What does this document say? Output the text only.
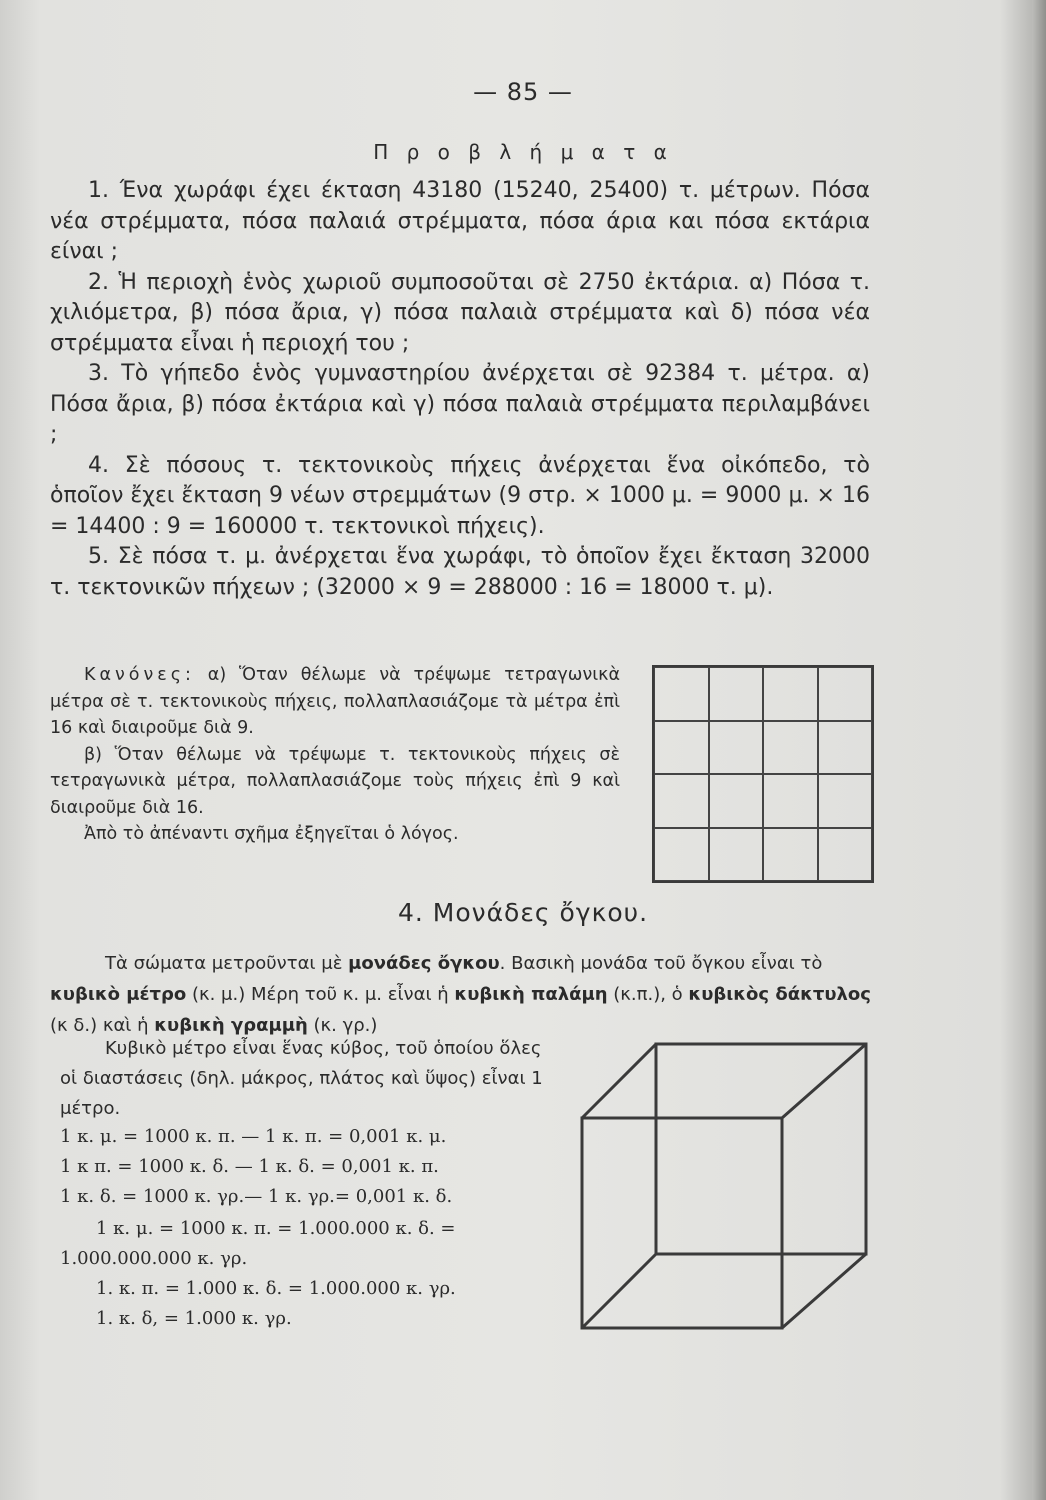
— 85 —
Π ρ ο β λ ή μ α τ α

1. Ένα χωράφι έχει έκταση 43180 (15240, 25400) τ. μέτρων. Πόσα νέα στρέμματα, πόσα παλαιά στρέμματα, πόσα άρια και πόσα εκτάρια είναι ;

2. Ἡ περιοχὴ ἑνὸς χωριοῦ συμποσοῦται σὲ 2750 ἐκτάρια. α) Πόσα τ. χιλιόμετρα, β) πόσα ἄρια, γ) πόσα παλαιὰ στρέμματα καὶ δ) πόσα νέα στρέμματα εἶναι ἡ περιοχή του ;

3. Τὸ γήπεδο ἑνὸς γυμναστηρίου ἀνέρχεται σὲ 92384 τ. μέτρα. α) Πόσα ἄρια, β) πόσα ἐκτάρια καὶ γ) πόσα παλαιὰ στρέμματα περιλαμβάνει ;

4. Σὲ πόσους τ. τεκτονικοὺς πήχεις ἀνέρχεται ἕνα οἰκόπεδο, τὸ ὁποῖον ἔχει ἔκταση 9 νέων στρεμμάτων (9 στρ. × 1000 μ. = 9000 μ. × 16 = 14400 : 9 = 160000 τ. τεκτονικοὶ πήχεις).

5. Σὲ πόσα τ. μ. ἀνέρχεται ἕνα χωράφι, τὸ ὁποῖον ἔχει ἔκταση 32000 τ. τεκτονικῶν πήχεων ; (32000 × 9 = 288000 : 16 = 18000 τ. μ).

Κανόνες: α) Ὅταν θέλωμε νὰ τρέψωμε τετραγωνικὰ μέτρα σὲ τ. τεκτονικοὺς πήχεις, πολλαπλασιάζομε τὰ μέτρα ἐπὶ 16 καὶ διαιροῦμε διὰ 9.

β) Ὅταν θέλωμε νὰ τρέψωμε τ. τεκτονικοὺς πήχεις σὲ τετραγωνικὰ μέτρα, πολλαπλασιάζομε τοὺς πήχεις ἐπὶ 9 καὶ διαιροῦμε διὰ 16.

Ἀπὸ τὸ ἀπέναντι σχῆμα ἐξηγεῖται ὁ λόγος.

4. Μονάδες ὄγκου.

Τὰ σώματα μετροῦνται μὲ μονάδες ὄγκου. Βασικὴ μονάδα τοῦ ὄγκου εἶναι τὸ κυβικὸ μέτρο (κ. μ.) Μέρη τοῦ κ. μ. εἶναι ἡ κυβικὴ παλάμη (κ.π.), ὁ κυβικὸς δάκτυλος (κ δ.) καὶ ἡ κυβικὴ γραμμὴ (κ. γρ.)

Κυβικὸ μέτρο εἶναι ἕνας κύβος, τοῦ ὁποίου ὅλες οἱ διαστάσεις (δηλ. μάκρος, πλάτος καὶ ὕψος) εἶναι 1 μέτρο.

1 κ. μ. = 1000 κ. π. — 1 κ. π. = 0,001 κ. μ.

1 κ π. = 1000 κ. δ. — 1 κ. δ. = 0,001 κ. π.

1 κ. δ. = 1000 κ. γρ.— 1 κ. γρ.= 0,001 κ. δ.

1 κ. μ. = 1000 κ. π. = 1.000.000 κ. δ. =

1.000.000.000 κ. γρ.

1. κ. π. = 1.000 κ. δ. = 1.000.000 κ. γρ.

1. κ. δ, = 1.000 κ. γρ.
